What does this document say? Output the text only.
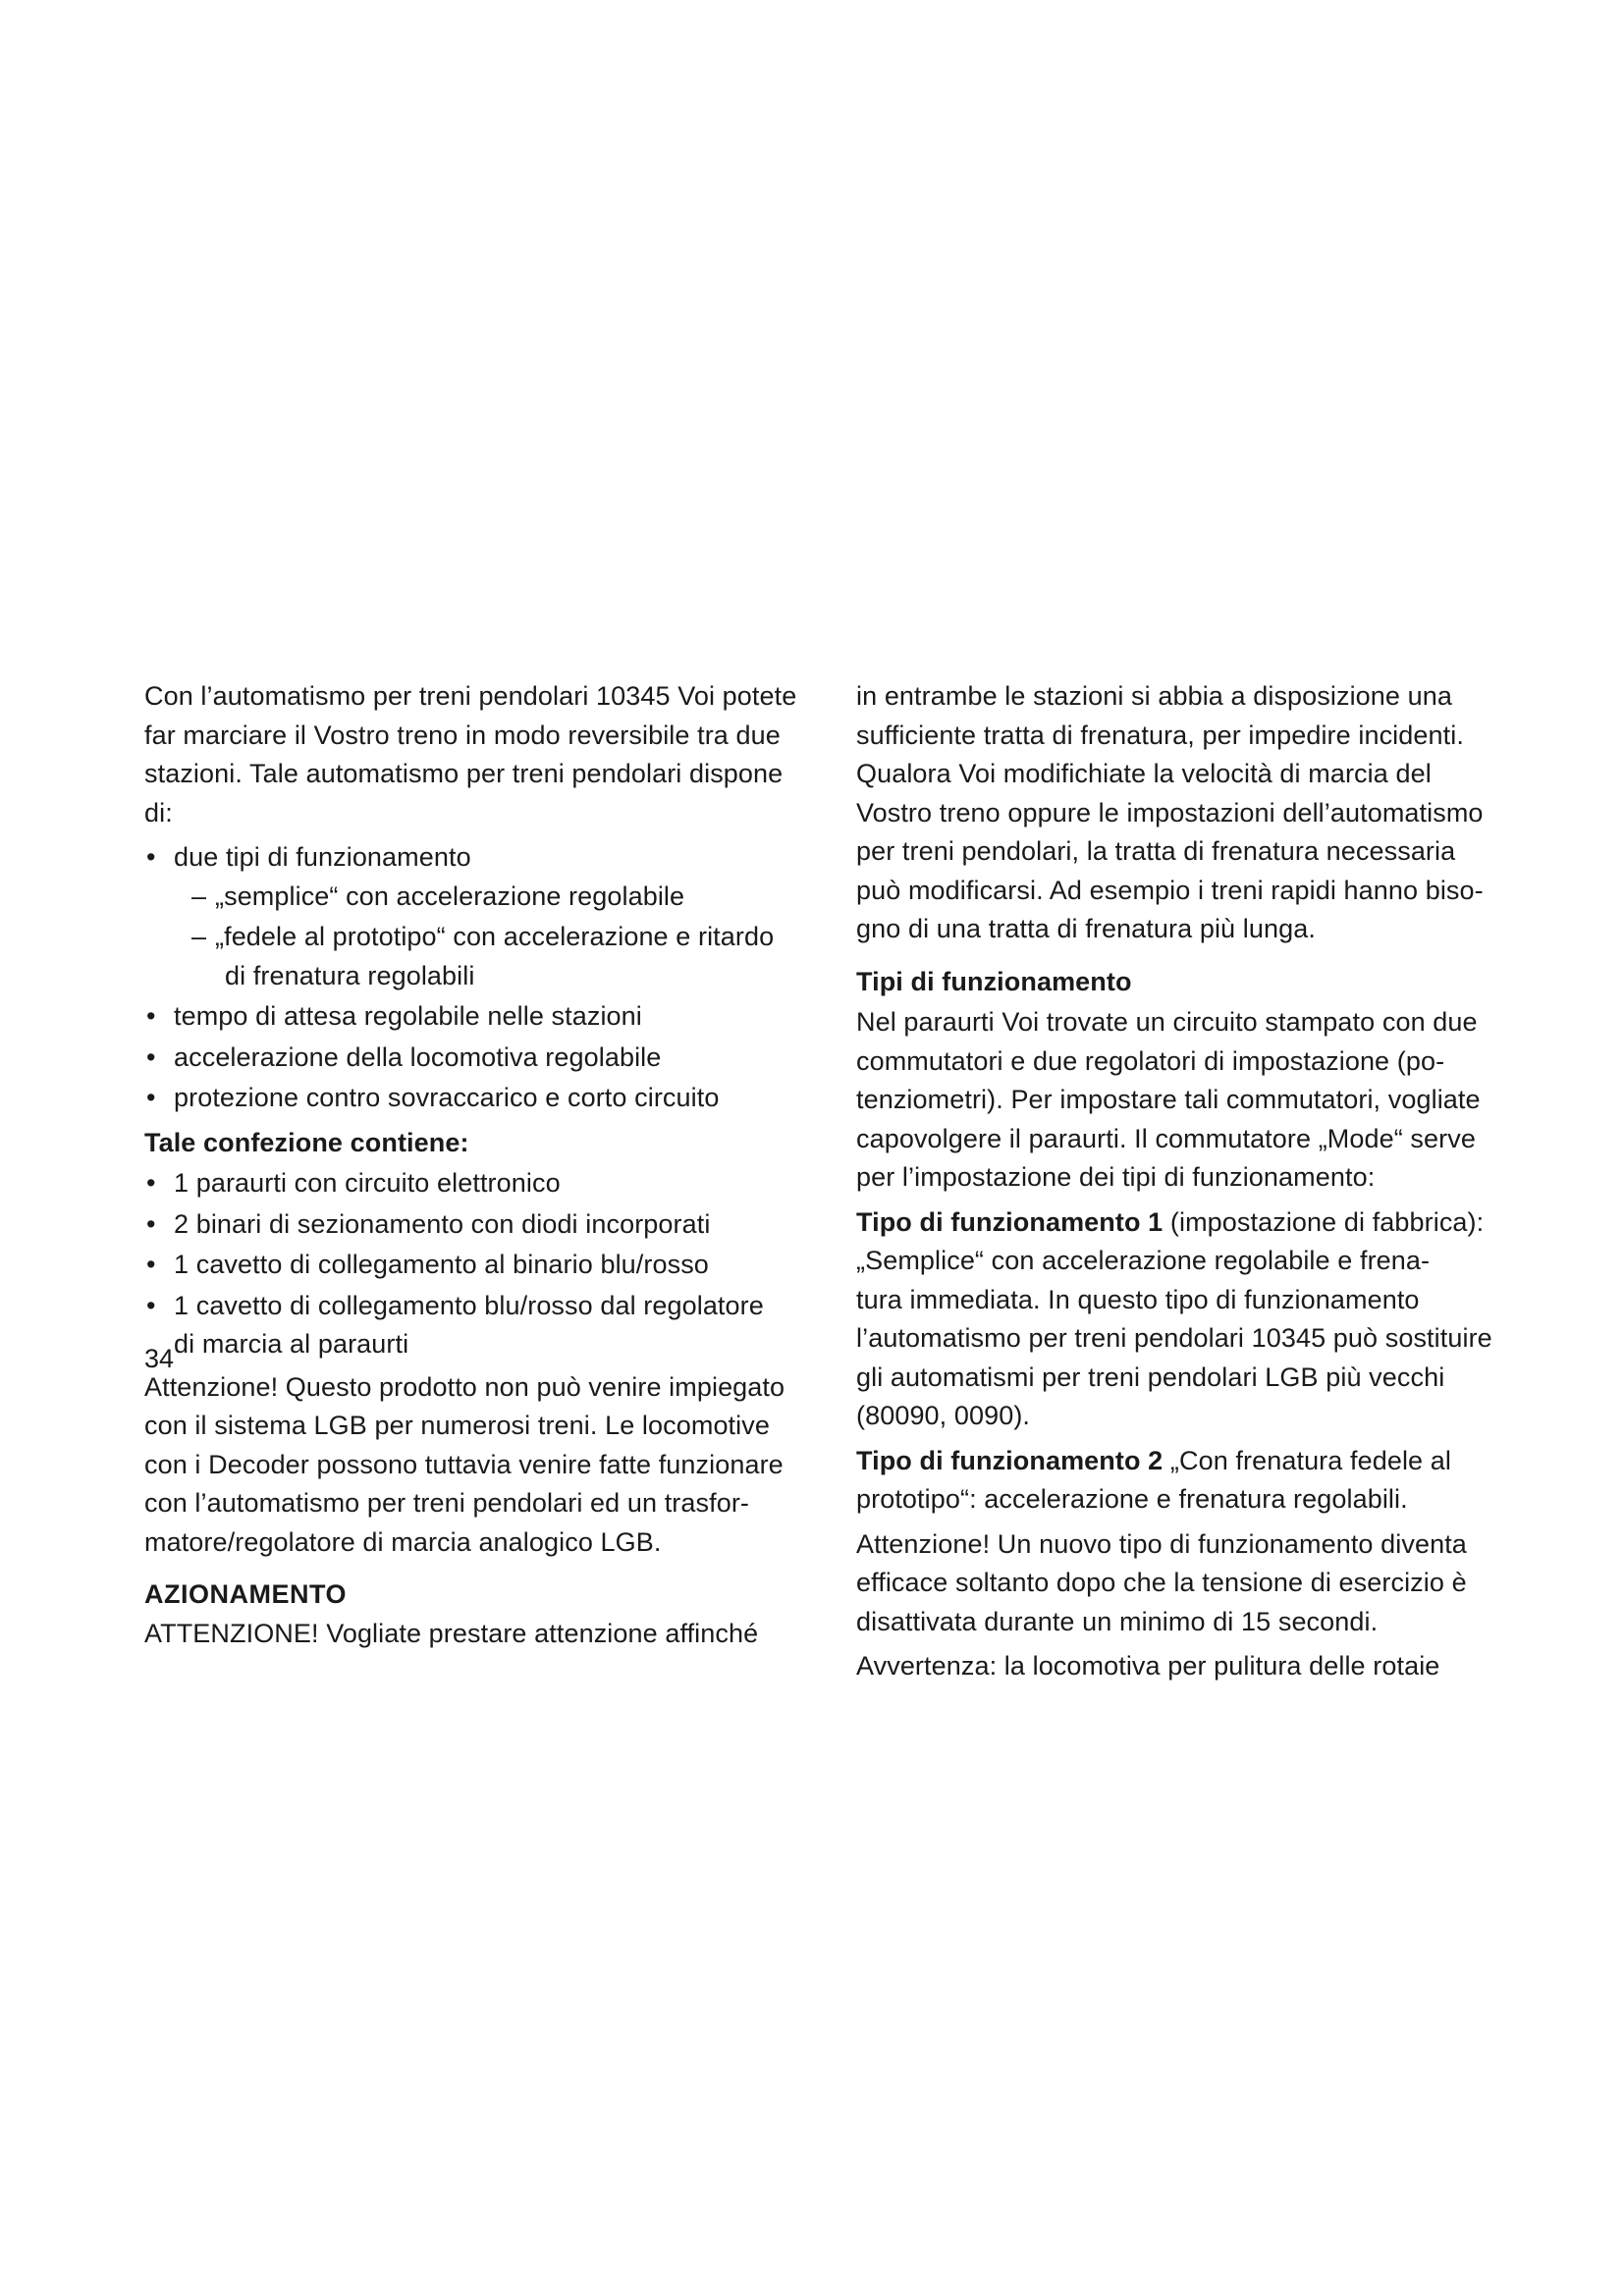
Con l’automatismo per treni pendolari 10345 Voi potete
far marciare il Vostro treno in modo reversibile tra due
stazioni. Tale automatismo per treni pendolari dispone
di:

• due tipi di funzionamento
– „semplice“ con accelerazione regolabile
– „fedele al prototipo“ con accelerazione e ritardo
di frenatura regolabili
• tempo di attesa regolabile nelle stazioni
• accelerazione della locomotiva regolabile
• protezione contro sovraccarico e corto circuito
Tale confezione contiene:
• 1 paraurti con circuito elettronico
• 2 binari di sezionamento con diodi incorporati
• 1 cavetto di collegamento al binario blu/rosso
• 1 cavetto di collegamento blu/rosso dal regolatore
di marcia al paraurti

Attenzione! Questo prodotto non può venire impiegato
con il sistema LGB per numerosi treni. Le locomotive
con i Decoder possono tuttavia venire fatte funzionare
con l’automatismo per treni pendolari ed un trasfor-
matore/regolatore di marcia analogico LGB.

AZIONAMENTO

ATTENZIONE! Vogliate prestare attenzione affinché

34

in entrambe le stazioni si abbia a disposizione una
sufficiente tratta di frenatura, per impedire incidenti.
Qualora Voi modifichiate la velocità di marcia del
Vostro treno oppure le impostazioni dell’automatismo
per treni pendolari, la tratta di frenatura necessaria
può modificarsi. Ad esempio i treni rapidi hanno biso-
gno di una tratta di frenatura più lunga.

Tipi di funzionamento

Nel paraurti Voi trovate un circuito stampato con due
commutatori e due regolatori di impostazione (po-
tenziometri). Per impostare tali commutatori, vogliate
capovolgere il paraurti. Il commutatore „Mode“ serve
per l’impostazione dei tipi di funzionamento:

Tipo di funzionamento 1 (impostazione di fabbrica):
„Semplice“ con accelerazione regolabile e frena-
tura immediata. In questo tipo di funzionamento
l’automatismo per treni pendolari 10345 può sostituire
gli automatismi per treni pendolari LGB più vecchi
(80090, 0090).

Tipo di funzionamento 2 „Con frenatura fedele al
prototipo“: accelerazione e frenatura regolabili.

Attenzione! Un nuovo tipo di funzionamento diventa
efficace soltanto dopo che la tensione di esercizio è
disattivata durante un minimo di 15 secondi.

Avvertenza: la locomotiva per pulitura delle rotaie
